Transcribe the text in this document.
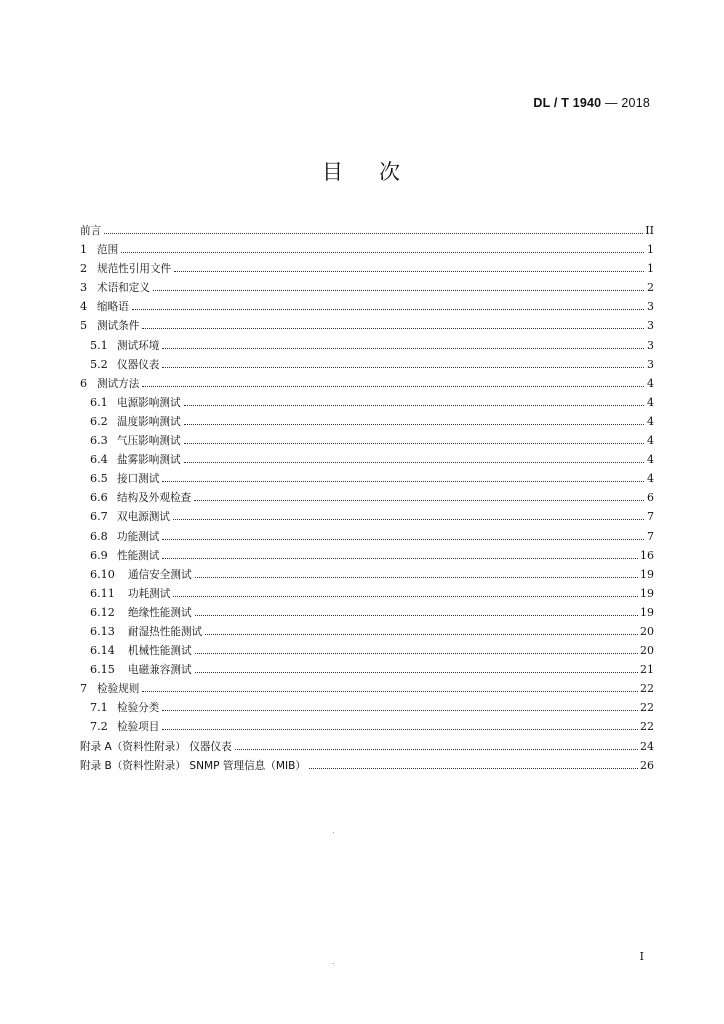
DL / T 1940 — 2018
目 次
前言	II
1 范围	1
2 规范性引用文件	1
3 术语和定义	2
4 缩略语	3
5 测试条件	3
5.1 测试环境	3
5.2 仪器仪表	3
6 测试方法	4
6.1 电源影响测试	4
6.2 温度影响测试	4
6.3 气压影响测试	4
6.4 盐雾影响测试	4
6.5 接口测试	4
6.6 结构及外观检查	6
6.7 双电源测试	7
6.8 功能测试	7
6.9 性能测试	16
6.10	通信安全测试	19
6.11	功耗测试	19
6.12	绝缘性能测试	19
6.13	耐湿热性能测试	20
6.14	机械性能测试	20
6.15	电磁兼容测试	21
7 检验规则	22
7.1 检验分类	22
7.2 检验项目	22
附录 A（资料性附录） 仪器仪表	24
附录 B（资料性附录） SNMP 管理信息（MIB）	26
I
